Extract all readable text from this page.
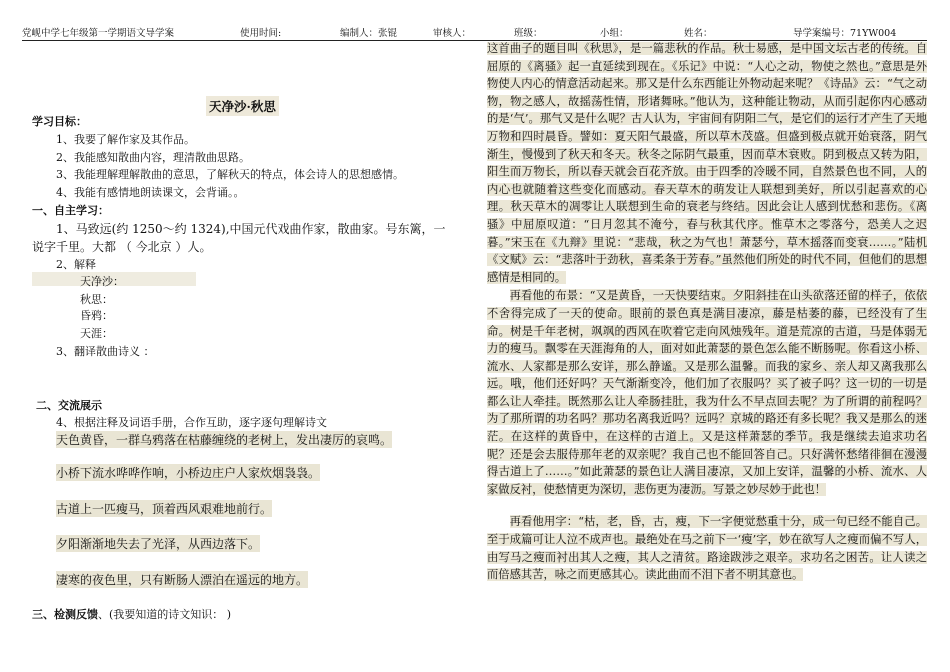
党岘中学七年级第一学期语文导学案	使用时间:	编制人：张锟	审核人：	班级：	小组：	姓名：	导学案编号：71YW004
天净沙·秋思
学习目标：
1、我要了解作家及其作品。
2、我能感知散曲内容，理清散曲思路。
3、我能理解理解散曲的意思，了解秋天的特点，体会诗人的思想感情。
4、我能有感情地朗读课文，会背诵。。
一、自主学习：
1、马致远(约 1250～约 1324),中国元代戏曲作家，散曲家。号东篱，一
说字千里。大都 （ 今北京 ）人。
2、解释
天净沙：
秋思：
昏鸦：
天涯：
3、翻译散曲诗义 ：
二、交流展示
4、根据注释及词语手册，合作互助，逐字逐句理解诗文
天色黄昏，一群乌鸦落在枯藤缠绕的老树上，发出凄厉的哀鸣。
小桥下流水哗哗作响，小桥边庄户人家炊烟袅袅。
古道上一匹瘦马，顶着西风艰难地前行。
夕阳渐渐地失去了光泽，从西边落下。
凄寒的夜色里，只有断肠人漂泊在遥远的地方。
三、检测反馈、(我要知道的诗文知识： )

这首曲子的题目叫《秋思》，是一篇悲秋的作品。秋士易感，是中国文坛古老的传统。自屈原的《离骚》起一直延续到现在。《乐记》中说：“人心之动，物使之然也。”意思是外物使人内心的情意活动起来。那又是什么东西能让外物动起来呢？《诗品》云：“气之动物，物之感人，故摇荡性情，形诸舞咏。”他认为，这种能让物动，从而引起你内心感动的是‘气’。那气又是什么呢？古人认为，宇宙间有阴阳二气，是它们的运行才产生了天地万物和四时晨昏。譬如：夏天阳气最盛，所以草木茂盛。但盛到极点就开始衰落，阴气渐生，慢慢到了秋天和冬天。秋冬之际阴气最重，因而草木衰败。阴到极点又转为阳，阳生而万物长，所以春天就会百花齐放。由于四季的冷暖不同，自然景色也不同，人的内心也就随着这些变化而感动。春天草木的萌发让人联想到美好，所以引起喜欢的心理。秋天草木的凋零让人联想到生命的衰老与终结。因此会让人感到忧愁和悲伤。《离骚》中屈原叹道：“日月忽其不淹兮，春与秋其代序。惟草木之零落兮，恐美人之迟暮。”宋玉在《九辩》里说：“悲哉，秋之为气也！萧瑟兮，草木摇落而变衰……。”陆机《文赋》云：“悲落叶于劲秋，喜柔条于芳春。”虽然他们所处的时代不同，但他们的思想感情是相同的。

再看他的布景：“又是黄昏，一天快要结束。夕阳斜挂在山头欲落还留的样子，依依不舍得完成了一天的使命。眼前的景色真是满目凄凉，藤是枯萎的藤，已经没有了生命。树是千年老树，飒飒的西风在吹着它走向风烛残年。道是荒凉的古道，马是体弱无力的瘦马。飘零在天涯海角的人，面对如此萧瑟的景色怎么能不断肠呢。你看这小桥、流水、人家都是那么安详，那么静谧。又是那么温馨。而我的家乡、亲人却又离我那么远。哦，他们还好吗？天气渐渐变冷，他们加了衣服吗？买了被子吗？这一切的一切是都么让人牵挂。既然那么让人牵肠挂肚，我为什么不早点回去呢？为了所谓的前程吗？为了那所谓的功名吗？那功名离我近吗？远吗？京城的路还有多长呢？我又是那么的迷茫。在这样的黄昏中，在这样的古道上。又是这样萧瑟的季节。我是继续去追求功名呢？还是会去服侍那年老的双亲呢？我自己也不能回答自己。只好满怀愁绪徘徊在漫漫得古道上了……。”如此萧瑟的景色让人满目凄凉，又加上安详，温馨的小桥、流水、人家做反衬，使愁情更为深切，悲伤更为凄沥。写景之妙尽妙于此也！

再看他用字：“枯，老，昏，古，瘦，下一字便觉愁重十分，成一句已经不能自己。至于成篇可让人泣不成声也。最绝处在马之前下一‘瘦’字，妙在欲写人之瘦而偏不写人，由写马之瘦而衬出其人之瘦，其人之清贫。路途跋涉之艰辛。求功名之困苦。让人读之而倍感其苦，咏之而更感其心。读此曲而不泪下者不明其意也。
